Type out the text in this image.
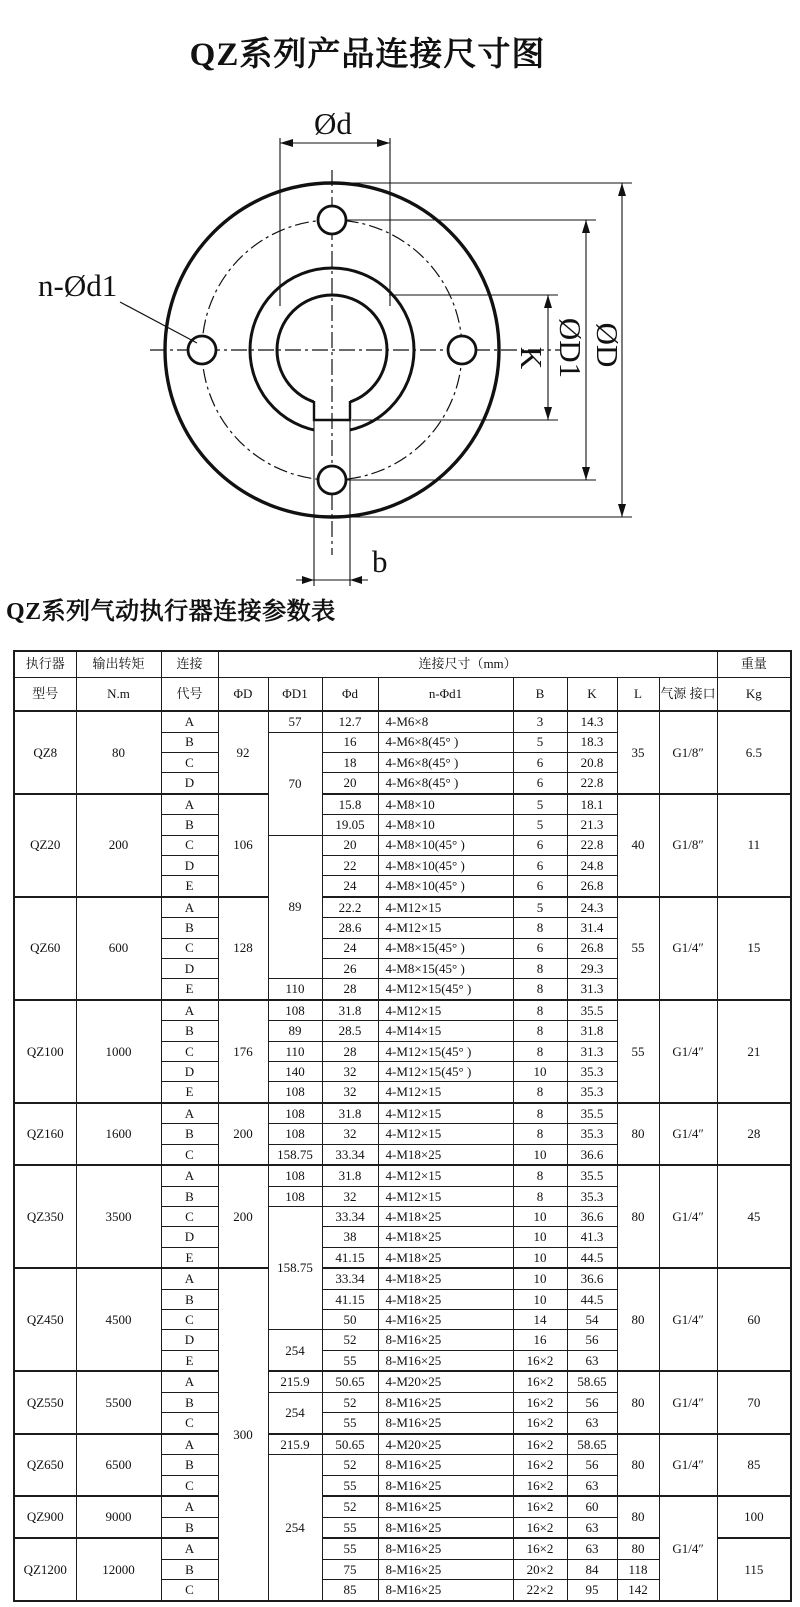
QZ系列产品连接尺寸图
Ød
n-Ød1
K ØD1 ØD
b
QZ系列气动执行器连接参数表
执行器	输出转矩	连接	连接尺寸（mm）								重量
型号	N.m	代号	ΦD	ΦD1	Φd	n-Φd1	B	K	L	气源 接口	Kg
QZ8	80	A	92	57	12.7	4-M6×8	3	14.3	35	G1/8″	6.5
		B		70	16	4-M6×8(45° )	5	18.3			
		C			18	4-M6×8(45° )	6	20.8			
		D			20	4-M6×8(45° )	6	22.8			
QZ20	200	A	106		15.8	4-M8×10	5	18.1	40	G1/8″	11
		B			19.05	4-M8×10	5	21.3			
		C		89	20	4-M8×10(45° )	6	22.8			
		D			22	4-M8×10(45° )	6	24.8			
		E			24	4-M8×10(45° )	6	26.8			
QZ60	600	A	128		22.2	4-M12×15	5	24.3	55	G1/4″	15
		B			28.6	4-M12×15	8	31.4			
		C			24	4-M8×15(45° )	6	26.8			
		D			26	4-M8×15(45° )	8	29.3			
		E		110	28	4-M12×15(45° )	8	31.3			
QZ100	1000	A	176	108	31.8	4-M12×15	8	35.5	55	G1/4″	21
		B		89	28.5	4-M14×15	8	31.8			
		C		110	28	4-M12×15(45° )	8	31.3			
		D		140	32	4-M12×15(45° )	10	35.3			
		E		108	32	4-M12×15	8	35.3			
QZ160	1600	A	200	108	31.8	4-M12×15	8	35.5	80	G1/4″	28
		B		108	32	4-M12×15	8	35.3			
		C		158.75	33.34	4-M18×25	10	36.6			
QZ350	3500	A	200	108	31.8	4-M12×15	8	35.5	80	G1/4″	45
		B		108	32	4-M12×15	8	35.3			
		C		158.75	33.34	4-M18×25	10	36.6			
		D			38	4-M18×25	10	41.3			
		E			41.15	4-M18×25	10	44.5			
QZ450	4500	A	300		33.34	4-M18×25	10	36.6	80	G1/4″	60
		B			41.15	4-M18×25	10	44.5			
		C			50	4-M16×25	14	54			
		D		254	52	8-M16×25	16	56			
		E			55	8-M16×25	16×2	63			
QZ550	5500	A		215.9	50.65	4-M20×25	16×2	58.65	80	G1/4″	70
		B		254	52	8-M16×25	16×2	56			
		C			55	8-M16×25	16×2	63			
QZ650	6500	A		215.9	50.65	4-M20×25	16×2	58.65	80	G1/4″	85
		B		254	52	8-M16×25	16×2	56			
		C			55	8-M16×25	16×2	63			
QZ900	9000	A			52	8-M16×25	16×2	60	80	G1/4″	100
		B			55	8-M16×25	16×2	63			
QZ1200	12000	A			55	8-M16×25	16×2	63	80		115
		B			75	8-M16×25	20×2	84	118		
		C			85	8-M16×25	22×2	95	142		
